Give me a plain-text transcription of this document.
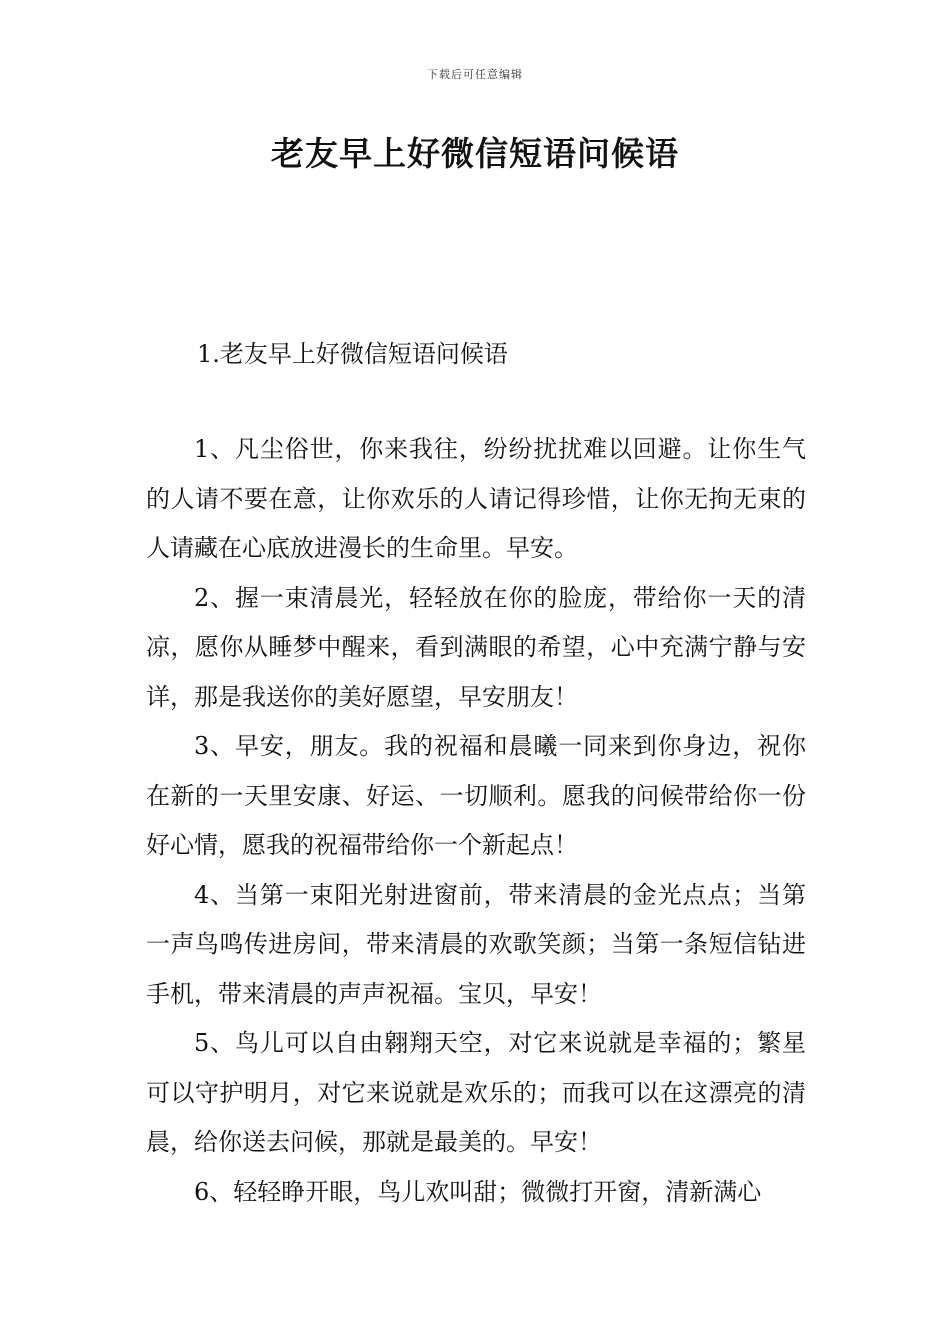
下载后可任意编辑
老友早上好微信短语问候语
1.老友早上好微信短语问候语

1、凡尘俗世，你来我往，纷纷扰扰难以回避。让你生气的人请不要在意，让你欢乐的人请记得珍惜，让你无拘无束的人请藏在心底放进漫长的生命里。早安。

2、握一束清晨光，轻轻放在你的脸庞，带给你一天的清凉，愿你从睡梦中醒来，看到满眼的希望，心中充满宁静与安详，那是我送你的美好愿望，早安朋友！

3、早安，朋友。我的祝福和晨曦一同来到你身边，祝你在新的一天里安康、好运、一切顺利。愿我的问候带给你一份好心情，愿我的祝福带给你一个新起点！

4、当第一束阳光射进窗前，带来清晨的金光点点；当第一声鸟鸣传进房间，带来清晨的欢歌笑颜；当第一条短信钻进手机，带来清晨的声声祝福。宝贝，早安！

5、鸟儿可以自由翱翔天空，对它来说就是幸福的；繁星可以守护明月，对它来说就是欢乐的；而我可以在这漂亮的清晨，给你送去问候，那就是最美的。早安！

6、轻轻睁开眼，鸟儿欢叫甜；微微打开窗，清新满心
